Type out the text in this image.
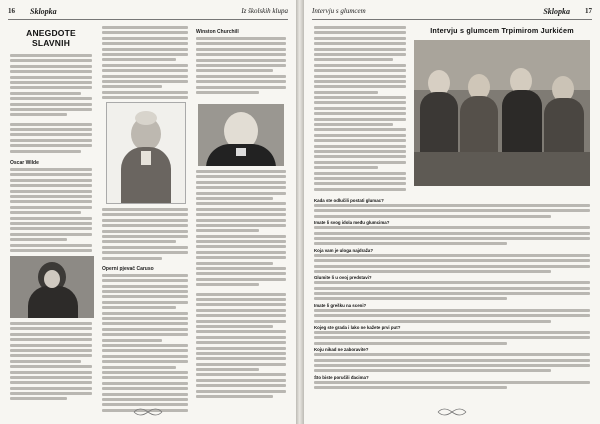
16 Sklopka	Iz školskih klupa
ANEGDOTE SLAVNIH
Oscar Wilde
Operni pjevač Caruso
Winston Churchill
Intervju s glumcem	Sklopka 17
Intervju s glumcem Trpimirom Jurkićem
Kada ste odlučili postati glumac?
Imate li svog idola među glumcima?
Koja vam je uloga najdraža?
Glumite li u ovoj predstavi?
Imate li grešku na sceni?
Kojeg ste grada i lako ne kažete prvi put?
Koju nikad ne zaboravite?
Što biste poručili đacima?
